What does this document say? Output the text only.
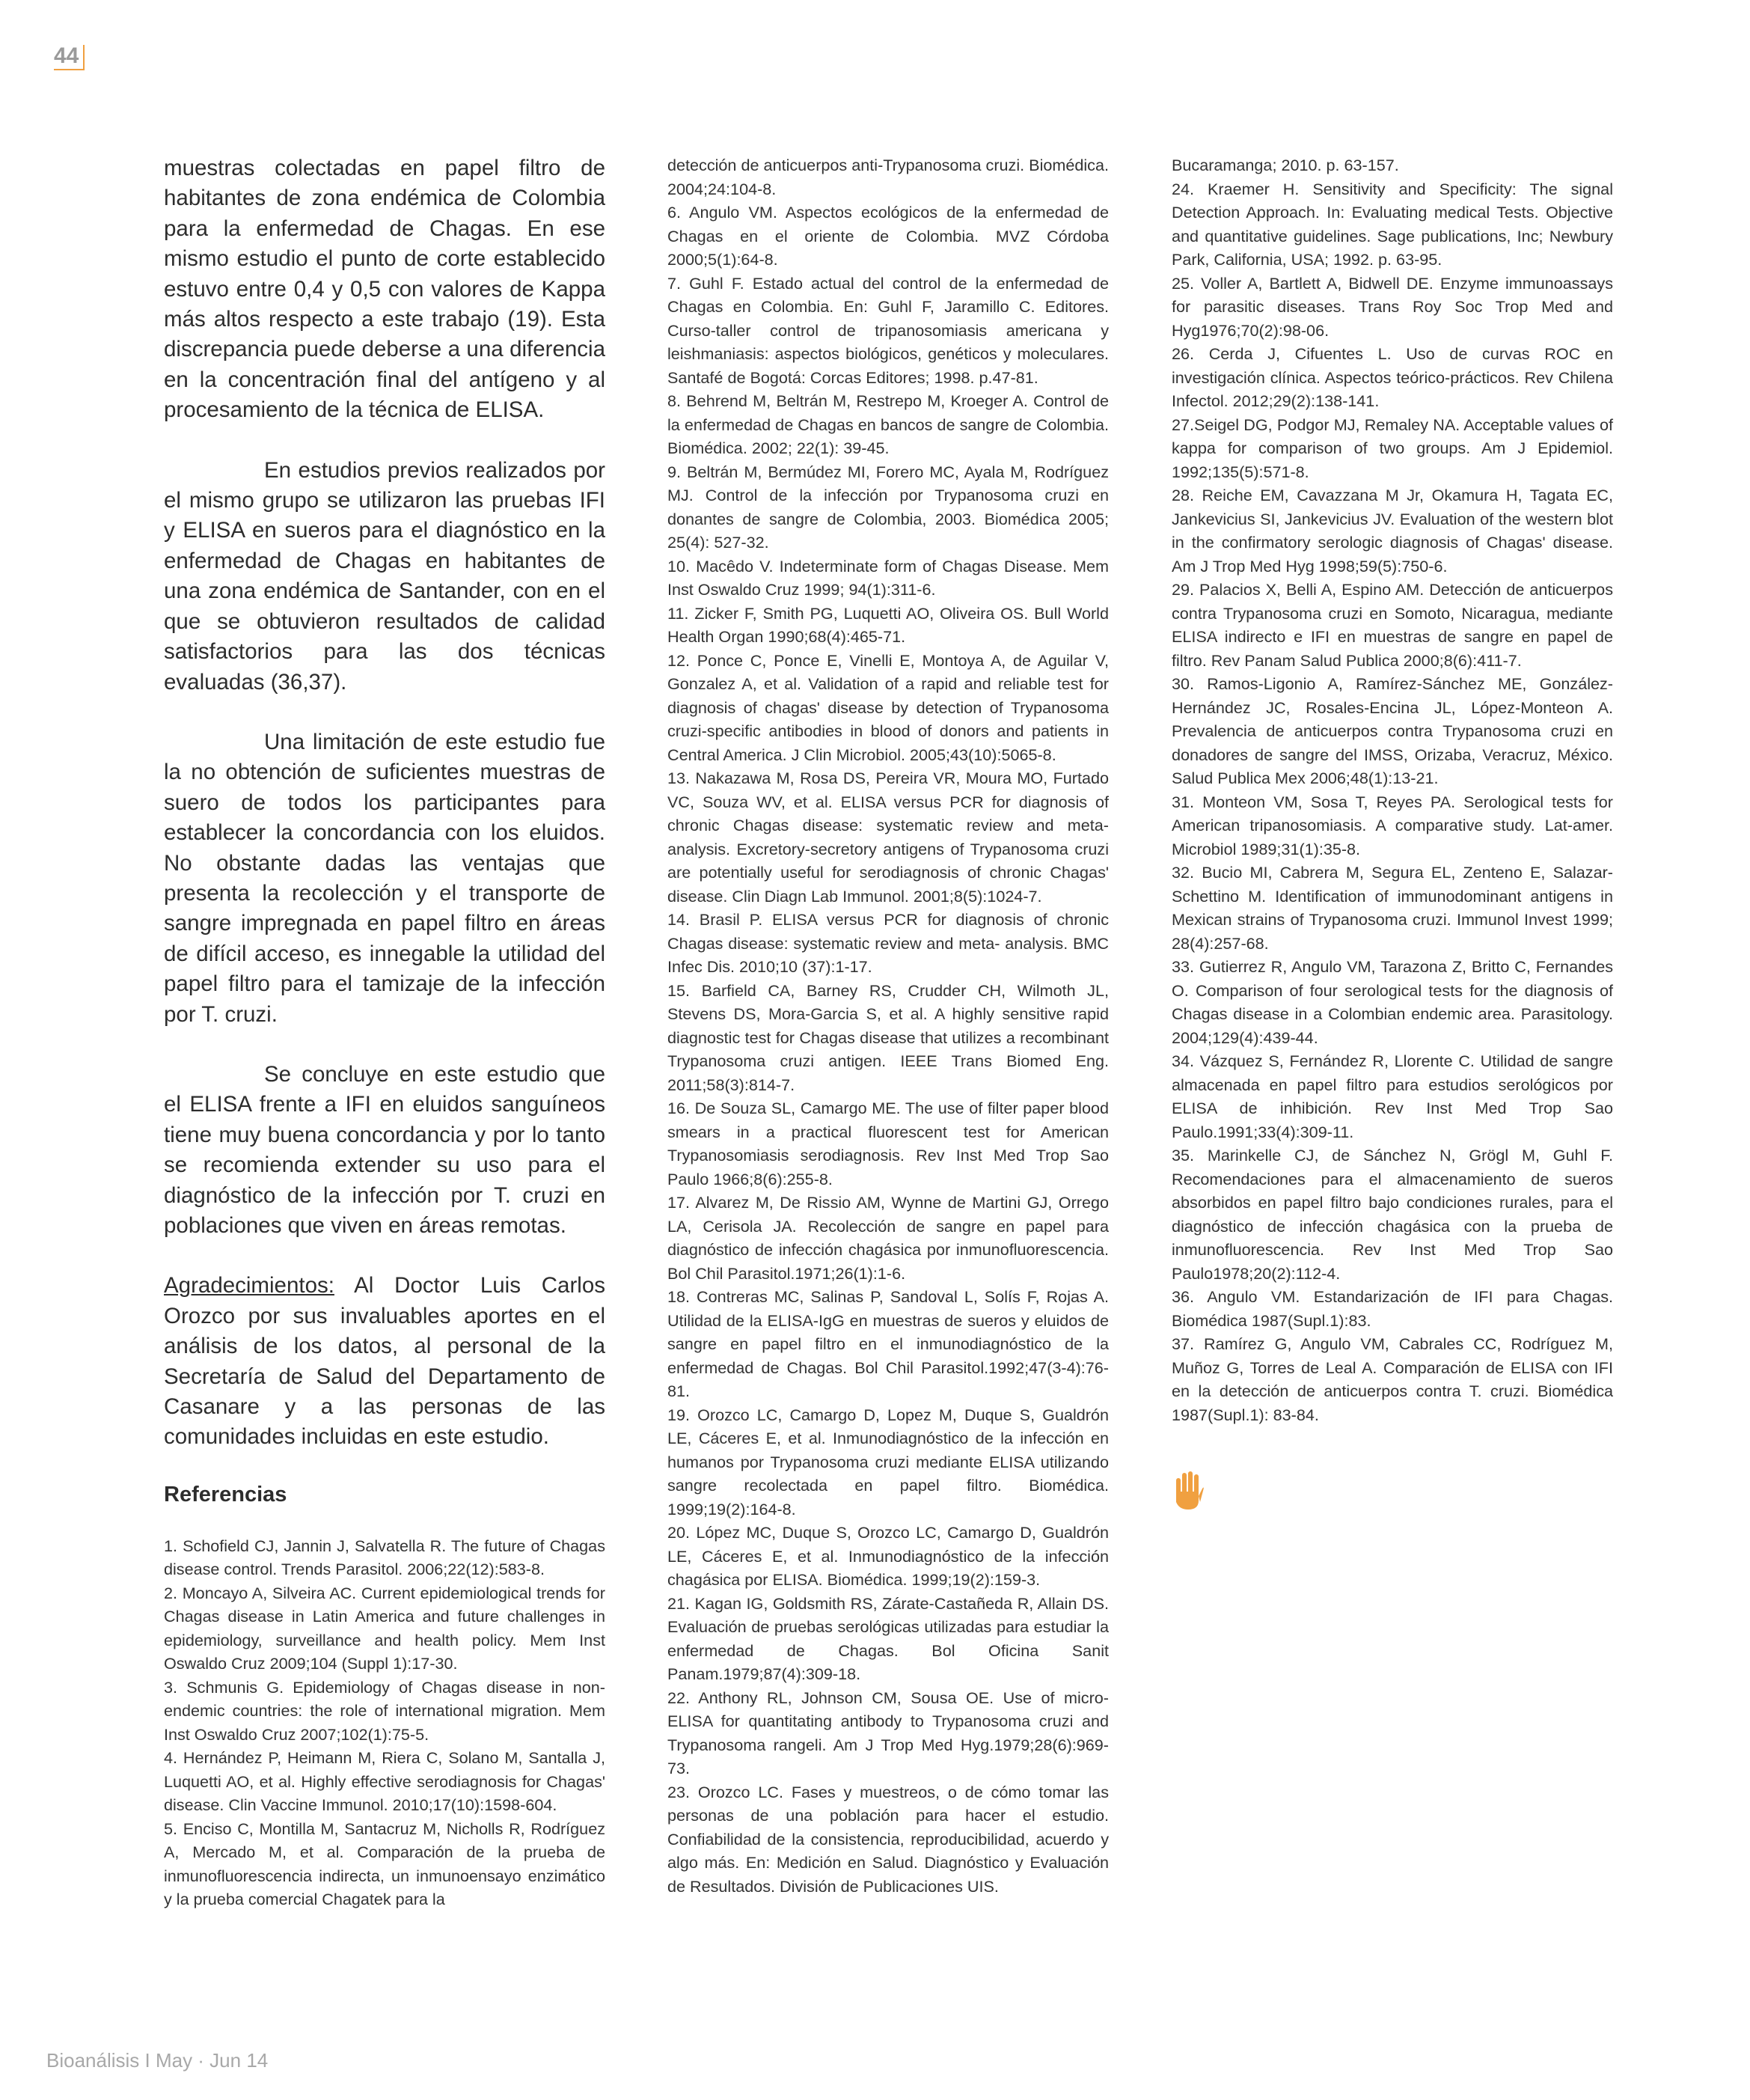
44

muestras colectadas en papel filtro de habitantes de zona endémica de Colombia para la enfermedad de Chagas. En ese mismo estudio el punto de corte establecido estuvo entre 0,4 y 0,5 con valores de Kappa más altos respecto a este trabajo (19). Esta discrepancia puede deberse a una diferencia en la concentración final del antígeno y al procesamiento de la técnica de ELISA.

En estudios previos realizados por el mismo grupo se utilizaron las pruebas IFI y ELISA en sueros para el diagnóstico en la enfermedad de Chagas en habitantes de una zona endémica de Santander, con en el que se obtuvieron resultados de calidad satisfactorios para las dos técnicas evaluadas (36,37).

Una limitación de este estudio fue la no obtención de suficientes muestras de suero de todos los participantes para establecer la concordancia con los eluidos. No obstante dadas las ventajas que presenta la recolección y el transporte de sangre impregnada en papel filtro en áreas de difícil acceso, es innegable la utilidad del papel filtro para el tamizaje de la infección por T. cruzi.

Se concluye en este estudio que el ELISA frente a IFI en eluidos sanguíneos tiene muy buena concordancia y por lo tanto se recomienda extender su uso para el diagnóstico de la infección por T. cruzi en poblaciones que viven en áreas remotas.

Agradecimientos: Al Doctor Luis Carlos Orozco por sus invaluables aportes en el análisis de los datos, al personal de la Secretaría de Salud del Departamento de Casanare y a las personas de las comunidades incluidas en este estudio.

Referencias

1. Schofield CJ, Jannin J, Salvatella R. The future of Chagas disease control. Trends Parasitol. 2006;22(12):583-8.

2. Moncayo A, Silveira AC. Current epidemiological trends for Chagas disease in Latin America and future challenges in epidemiology, surveillance and health policy. Mem Inst Oswaldo Cruz 2009;104 (Suppl 1):17-30.

3. Schmunis G. Epidemiology of Chagas disease in non-endemic countries: the role of international migration. Mem Inst Oswaldo Cruz 2007;102(1):75-5.

4. Hernández P, Heimann M, Riera C, Solano M, Santalla J, Luquetti AO, et al. Highly effective serodiagnosis for Chagas' disease. Clin Vaccine Immunol. 2010;17(10):1598-604.

5. Enciso C, Montilla M, Santacruz M, Nicholls R, Rodríguez A, Mercado M, et al. Comparación de la prueba de inmunofluorescencia indirecta, un inmunoensayo enzimático y la prueba comercial Chagatek para la

detección de anticuerpos anti-Trypanosoma cruzi. Biomédica. 2004;24:104-8.

6. Angulo VM. Aspectos ecológicos de la enfermedad de Chagas en el oriente de Colombia. MVZ Córdoba 2000;5(1):64-8.

7. Guhl F. Estado actual del control de la enfermedad de Chagas en Colombia. En: Guhl F, Jaramillo C. Editores. Curso-taller control de tripanosomiasis americana y leishmaniasis: aspectos biológicos, genéticos y moleculares. Santafé de Bogotá: Corcas Editores; 1998. p.47-81.

8. Behrend M, Beltrán M, Restrepo M, Kroeger A. Control de la enfermedad de Chagas en bancos de sangre de Colombia. Biomédica. 2002; 22(1): 39-45.

9. Beltrán M, Bermúdez MI, Forero MC, Ayala M, Rodríguez MJ. Control de la infección por Trypanosoma cruzi en donantes de sangre de Colombia, 2003. Biomédica 2005; 25(4): 527-32.

10. Macêdo V. Indeterminate form of Chagas Disease. Mem Inst Oswaldo Cruz 1999; 94(1):311-6.

11. Zicker F, Smith PG, Luquetti AO, Oliveira OS. Bull World Health Organ 1990;68(4):465-71.

12. Ponce C, Ponce E, Vinelli E, Montoya A, de Aguilar V, Gonzalez A, et al. Validation of a rapid and reliable test for diagnosis of chagas' disease by detection of Trypanosoma cruzi-specific antibodies in blood of donors and patients in Central America. J Clin Microbiol. 2005;43(10):5065-8.

13. Nakazawa M, Rosa DS, Pereira VR, Moura MO, Furtado VC, Souza WV, et al. ELISA versus PCR for diagnosis of chronic Chagas disease: systematic review and meta- analysis. Excretory-secretory antigens of Trypanosoma cruzi are potentially useful for serodiagnosis of chronic Chagas' disease. Clin Diagn Lab Immunol. 2001;8(5):1024-7.

14. Brasil P. ELISA versus PCR for diagnosis of chronic Chagas disease: systematic review and meta- analysis. BMC Infec Dis. 2010;10 (37):1-17.

15. Barfield CA, Barney RS, Crudder CH, Wilmoth JL, Stevens DS, Mora-Garcia S, et al. A highly sensitive rapid diagnostic test for Chagas disease that utilizes a recombinant Trypanosoma cruzi antigen. IEEE Trans Biomed Eng. 2011;58(3):814-7.

16. De Souza SL, Camargo ME. The use of filter paper blood smears in a practical fluorescent test for American Trypanosomiasis serodiagnosis. Rev Inst Med Trop Sao Paulo 1966;8(6):255-8.

17. Alvarez M, De Rissio AM, Wynne de Martini GJ, Orrego LA, Cerisola JA. Recolección de sangre en papel para diagnóstico de infección chagásica por inmunofluorescencia. Bol Chil Parasitol.1971;26(1):1-6.

18. Contreras MC, Salinas P, Sandoval L, Solís F, Rojas A. Utilidad de la ELISA-IgG en muestras de sueros y eluidos de sangre en papel filtro en el inmunodiagnóstico de la enfermedad de Chagas. Bol Chil Parasitol.1992;47(3-4):76-81.

19. Orozco LC, Camargo D, Lopez M, Duque S, Gualdrón LE, Cáceres E, et al. Inmunodiagnóstico de la infección en humanos por Trypanosoma cruzi mediante ELISA utilizando sangre recolectada en papel filtro. Biomédica. 1999;19(2):164-8.

20. López MC, Duque S, Orozco LC, Camargo D, Gualdrón LE, Cáceres E, et al. Inmunodiagnóstico de la infección chagásica por ELISA. Biomédica. 1999;19(2):159-3.

21. Kagan IG, Goldsmith RS, Zárate-Castañeda R, Allain DS. Evaluación de pruebas serológicas utilizadas para estudiar la enfermedad de Chagas. Bol Oficina Sanit Panam.1979;87(4):309-18.

22. Anthony RL, Johnson CM, Sousa OE. Use of micro-ELISA for quantitating antibody to Trypanosoma cruzi and Trypanosoma rangeli. Am J Trop Med Hyg.1979;28(6):969-73.

23. Orozco LC. Fases y muestreos, o de cómo tomar las personas de una población para hacer el estudio. Confiabilidad de la consistencia, reproducibilidad, acuerdo y algo más. En: Medición en Salud. Diagnóstico y Evaluación de Resultados. División de Publicaciones UIS.

Bucaramanga; 2010. p. 63-157.

24. Kraemer H. Sensitivity and Specificity: The signal Detection Approach. In: Evaluating medical Tests. Objective and quantitative guidelines. Sage publications, Inc; Newbury Park, California, USA; 1992. p. 63-95.

25. Voller A, Bartlett A, Bidwell DE. Enzyme immunoassays for parasitic diseases. Trans Roy Soc Trop Med and Hyg1976;70(2):98-06.

26. Cerda J, Cifuentes L. Uso de curvas ROC en investigación clínica. Aspectos teórico-prácticos. Rev Chilena Infectol. 2012;29(2):138-141.

27.Seigel DG, Podgor MJ, Remaley NA. Acceptable values of kappa for comparison of two groups. Am J Epidemiol. 1992;135(5):571-8.

28. Reiche EM, Cavazzana M Jr, Okamura H, Tagata EC, Jankevicius SI, Jankevicius JV. Evaluation of the western blot in the confirmatory serologic diagnosis of Chagas' disease. Am J Trop Med Hyg 1998;59(5):750-6.

29. Palacios X, Belli A, Espino AM. Detección de anticuerpos contra Trypanosoma cruzi en Somoto, Nicaragua, mediante ELISA indirecto e IFI en muestras de sangre en papel de filtro. Rev Panam Salud Publica 2000;8(6):411-7.

30. Ramos-Ligonio A, Ramírez-Sánchez ME, González-Hernández JC, Rosales-Encina JL, López-Monteon A. Prevalencia de anticuerpos contra Trypanosoma cruzi en donadores de sangre del IMSS, Orizaba, Veracruz, México. Salud Publica Mex 2006;48(1):13-21.

31. Monteon VM, Sosa T, Reyes PA. Serological tests for American tripanosomiasis. A comparative study. Lat-amer. Microbiol 1989;31(1):35-8.

32. Bucio MI, Cabrera M, Segura EL, Zenteno E, Salazar-Schettino M. Identification of immunodominant antigens in Mexican strains of Trypanosoma cruzi. Immunol Invest 1999; 28(4):257-68.

33. Gutierrez R, Angulo VM, Tarazona Z, Britto C, Fernandes O. Comparison of four serological tests for the diagnosis of Chagas disease in a Colombian endemic area. Parasitology. 2004;129(4):439-44.

34. Vázquez S, Fernández R, Llorente C. Utilidad de sangre almacenada en papel filtro para estudios serológicos por ELISA de inhibición. Rev Inst Med Trop Sao Paulo.1991;33(4):309-11.

35. Marinkelle CJ, de Sánchez N, Grögl M, Guhl F. Recomendaciones para el almacenamiento de sueros absorbidos en papel filtro bajo condiciones rurales, para el diagnóstico de infección chagásica con la prueba de inmunofluorescencia. Rev Inst Med Trop Sao Paulo1978;20(2):112-4.

36. Angulo VM. Estandarización de IFI para Chagas. Biomédica 1987(Supl.1):83.

37. Ramírez G, Angulo VM, Cabrales CC, Rodríguez M, Muñoz G, Torres de Leal A. Comparación de ELISA con IFI en la detección de anticuerpos contra T. cruzi. Biomédica 1987(Supl.1): 83-84.

Bioanálisis I May · Jun 14
